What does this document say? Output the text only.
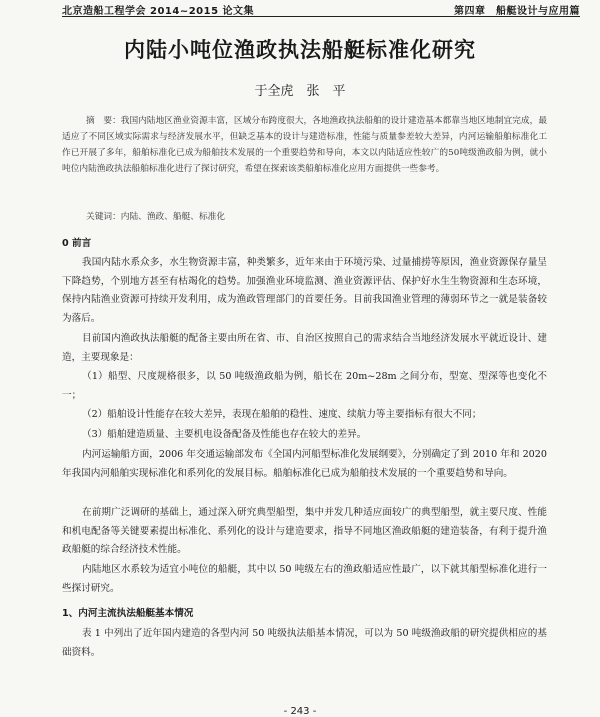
北京造船工程学会 2014~2015 论文集	第四章　船艇设计与应用篇
内陆小吨位渔政执法船艇标准化研究
于全虎　张　平
摘　要：我国内陆地区渔业资源丰富，区域分布跨度很大，各地渔政执法船舶的设计建造基本都靠当地区地制宜完成，最适应了不同区域实际需求与经济发展水平，但缺乏基本的设计与建造标准，性能与质量参差较大差异，内河运输船舶标准化工作已开展了多年，船舶标准化已成为船舶技术发展的一个重要趋势和导向，本文以内陆适应性较广的50吨级渔政船为例，就小吨位内陆渔政执法船舶标准化进行了探讨研究，希望在探索该类船舶标准化应用方面提供一些参考。
关键词：内陆、渔政、船艇、标准化
0 前言
我国内陆水系众多，水生物资源丰富，种类繁多，近年来由于环境污染、过量捕捞等原因，渔业资源保存量呈下降趋势，个别地方甚至有枯竭化的趋势。加强渔业环境监测、渔业资源评估、保护好水生生物资源和生态环境，保持内陆渔业资源可持续开发利用，成为渔政管理部门的首要任务。目前我国渔业管理的薄弱环节之一就是装备较为落后。
目前国内渔政执法船艇的配备主要由所在省、市、自治区按照自己的需求结合当地经济发展水平就近设计、建造，主要现象是：
（1）船型、尺度规格很多，以 50 吨级渔政船为例，船长在 20m~28m 之间分布，型宽、型深等也变化不一；
（2）船舶设计性能存在较大差异，表现在船舶的稳性、速度、续航力等主要指标有很大不同；
（3）船舶建造质量、主要机电设备配备及性能也存在较大的差异。
内河运输船方面，2006 年交通运输部发布《全国内河船型标准化发展纲要》，分别确定了到 2010 年和 2020 年我国内河船舶实现标准化和系列化的发展目标。船舶标准化已成为船舶技术发展的一个重要趋势和导向。
在前期广泛调研的基础上，通过深入研究典型船型，集中并发几种适应面较广的典型船型，就主要尺度、性能和机电配备等关键要素提出标准化、系列化的设计与建造要求，指导不同地区渔政船艇的建造装备，有利于提升渔政船艇的综合经济技术性能。
内陆地区水系较为适宜小吨位的船艇，其中以 50 吨级左右的渔政船适应性最广，以下就其船型标准化进行一些探讨研究。
1、内河主流执法船艇基本情况
表 1 中列出了近年国内建造的各型内河 50 吨级执法船基本情况，可以为 50 吨级渔政船的研究提供相应的基础资料。
- 243 -
